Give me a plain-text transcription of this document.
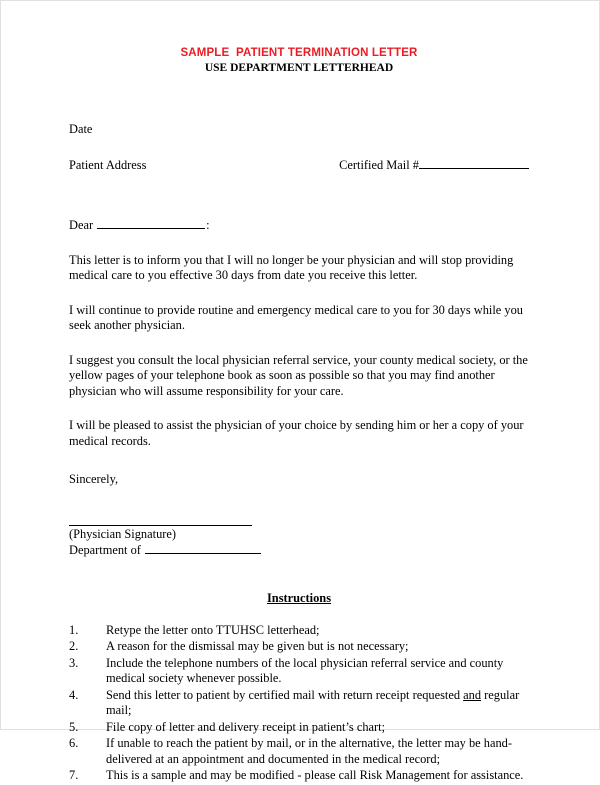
SAMPLE  PATIENT TERMINATION LETTER
USE DEPARTMENT LETTERHEAD
Date
Patient Address	Certified Mail #
Dear	:

This letter is to inform you that I will no longer be your physician and will stop providing medical care to you effective 30 days from date you receive this letter.

I will continue to provide routine and emergency medical care to you for 30 days while you seek another physician.

I suggest you consult the local physician referral service, your county medical society, or the yellow pages of your telephone book as soon as possible so that you may find another physician who will assume responsibility for your care.

I will be pleased to assist the physician of your choice by sending him or her a copy of your medical records.

Sincerely,
(Physician Signature)
Department of
Instructions
1.	Retype the letter onto TTUHSC letterhead;
2.	A reason for the dismissal may be given but is not necessary;
3.	Include the telephone numbers of the local physician referral service and county medical society whenever possible.
4.	Send this letter to patient by certified mail with return receipt requested and regular mail;
5.	File copy of letter and delivery receipt in patient’s chart;
6.	If unable to reach the patient by mail, or in the alternative, the letter may be hand-delivered at an appointment and documented in the medical record;
7.	This is a sample and may be modified - please call Risk Management for assistance.
